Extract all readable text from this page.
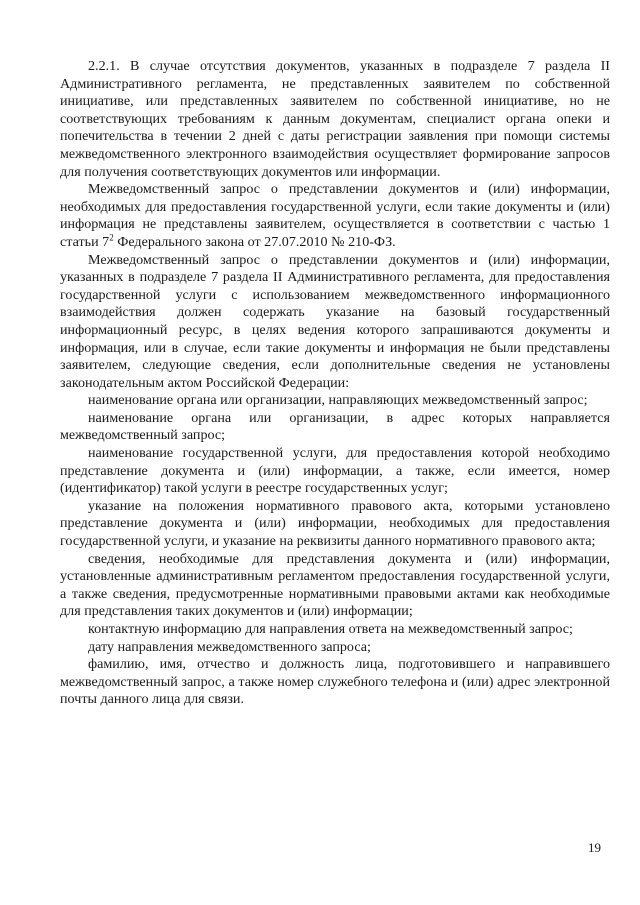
2.2.1. В случае отсутствия документов, указанных в подразделе 7 раздела II Административного регламента, не представленных заявителем по собственной инициативе, или представленных заявителем по собственной инициативе, но не соответствующих требованиям к данным документам, специалист органа опеки и попечительства в течении 2 дней с даты регистрации заявления при помощи системы межведомственного электронного взаимодействия осуществляет формирование запросов для получения соответствующих документов или информации.

Межведомственный запрос о представлении документов и (или) информации, необходимых для предоставления государственной услуги, если такие документы и (или) информация не представлены заявителем, осуществляется в соответствии с частью 1 статьи $7^2$ Федерального закона от 27.07.2010 № 210-ФЗ.

Межведомственный запрос о представлении документов и (или) информации, указанных в подразделе 7 раздела II Административного регламента, для предоставления государственной услуги с использованием межведомственного информационного взаимодействия должен содержать указание на базовый государственный информационный ресурс, в целях ведения которого запрашиваются документы и информация, или в случае, если такие документы и информация не были представлены заявителем, следующие сведения, если дополнительные сведения не установлены законодательным актом Российской Федерации:

наименование органа или организации, направляющих межведомственный запрос;

наименование органа или организации, в адрес которых направляется межведомственный запрос;

наименование государственной услуги, для предоставления которой необходимо представление документа и (или) информации, а также, если имеется, номер (идентификатор) такой услуги в реестре государственных услуг;

указание на положения нормативного правового акта, которыми установлено представление документа и (или) информации, необходимых для предоставления государственной услуги, и указание на реквизиты данного нормативного правового акта;

сведения, необходимые для представления документа и (или) информации, установленные административным регламентом предоставления государственной услуги, а также сведения, предусмотренные нормативными правовыми актами как необходимые для представления таких документов и (или) информации;

контактную информацию для направления ответа на межведомственный запрос;

дату направления межведомственного запроса;

фамилию, имя, отчество и должность лица, подготовившего и направившего межведомственный запрос, а также номер служебного телефона и (или) адрес электронной почты данного лица для связи.

19
